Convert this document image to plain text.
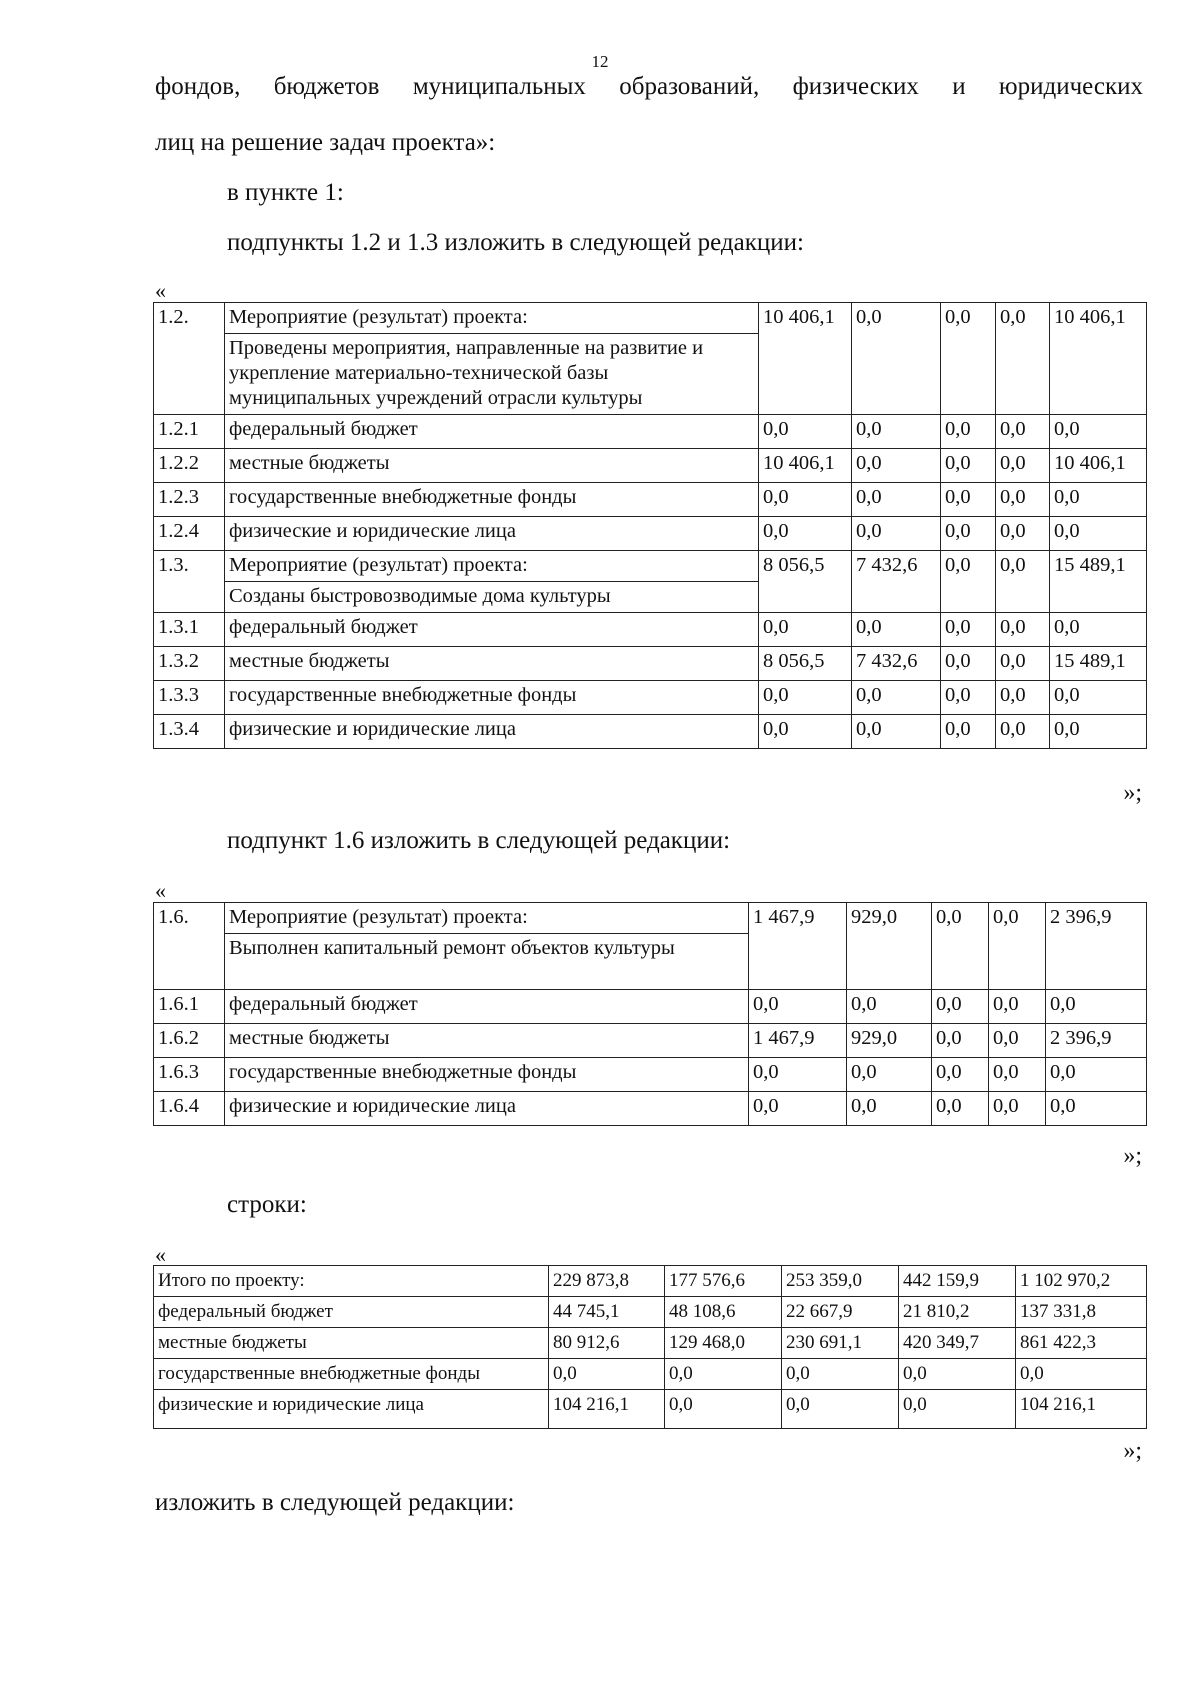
12
фондов, бюджетов муниципальных образований, физических и юридических
лиц на решение задач проекта»:
в пункте 1:
подпункты 1.2 и 1.3 изложить в следующей редакции:
«
1.2.	Мероприятие (результат) проекта:	10 406,1	0,0	0,0	0,0	10 406,1
	Проведены мероприятия, направленные на развитие и укрепление материально-технической базы муниципальных учреждений отрасли культуры					
1.2.1	федеральный бюджет	0,0	0,0	0,0	0,0	0,0
1.2.2	местные бюджеты	10 406,1	0,0	0,0	0,0	10 406,1
1.2.3	государственные внебюджетные фонды	0,0	0,0	0,0	0,0	0,0
1.2.4	физические и юридические лица	0,0	0,0	0,0	0,0	0,0
1.3.	Мероприятие (результат) проекта:	8 056,5	7 432,6	0,0	0,0	15 489,1
	Созданы быстровозводимые дома культуры					
1.3.1	федеральный бюджет	0,0	0,0	0,0	0,0	0,0
1.3.2	местные бюджеты	8 056,5	7 432,6	0,0	0,0	15 489,1
1.3.3	государственные внебюджетные фонды	0,0	0,0	0,0	0,0	0,0
1.3.4	физические и юридические лица	0,0	0,0	0,0	0,0	0,0
»;
подпункт 1.6 изложить в следующей редакции:
«
1.6.	Мероприятие (результат) проекта:	1 467,9	929,0	0,0	0,0	2 396,9
	Выполнен капитальный ремонт объектов культуры					
1.6.1	федеральный бюджет	0,0	0,0	0,0	0,0	0,0
1.6.2	местные бюджеты	1 467,9	929,0	0,0	0,0	2 396,9
1.6.3	государственные внебюджетные фонды	0,0	0,0	0,0	0,0	0,0
1.6.4	физические и юридические лица	0,0	0,0	0,0	0,0	0,0
»;
строки:
«
Итого по проекту:	229 873,8	177 576,6	253 359,0	442 159,9	1 102 970,2
федеральный бюджет	44 745,1	48 108,6	22 667,9	21 810,2	137 331,8
местные бюджеты	80 912,6	129 468,0	230 691,1	420 349,7	861 422,3
государственные внебюджетные фонды	0,0	0,0	0,0	0,0	0,0
физические и юридические лица	104 216,1	0,0	0,0	0,0	104 216,1
»;
изложить в следующей редакции:
